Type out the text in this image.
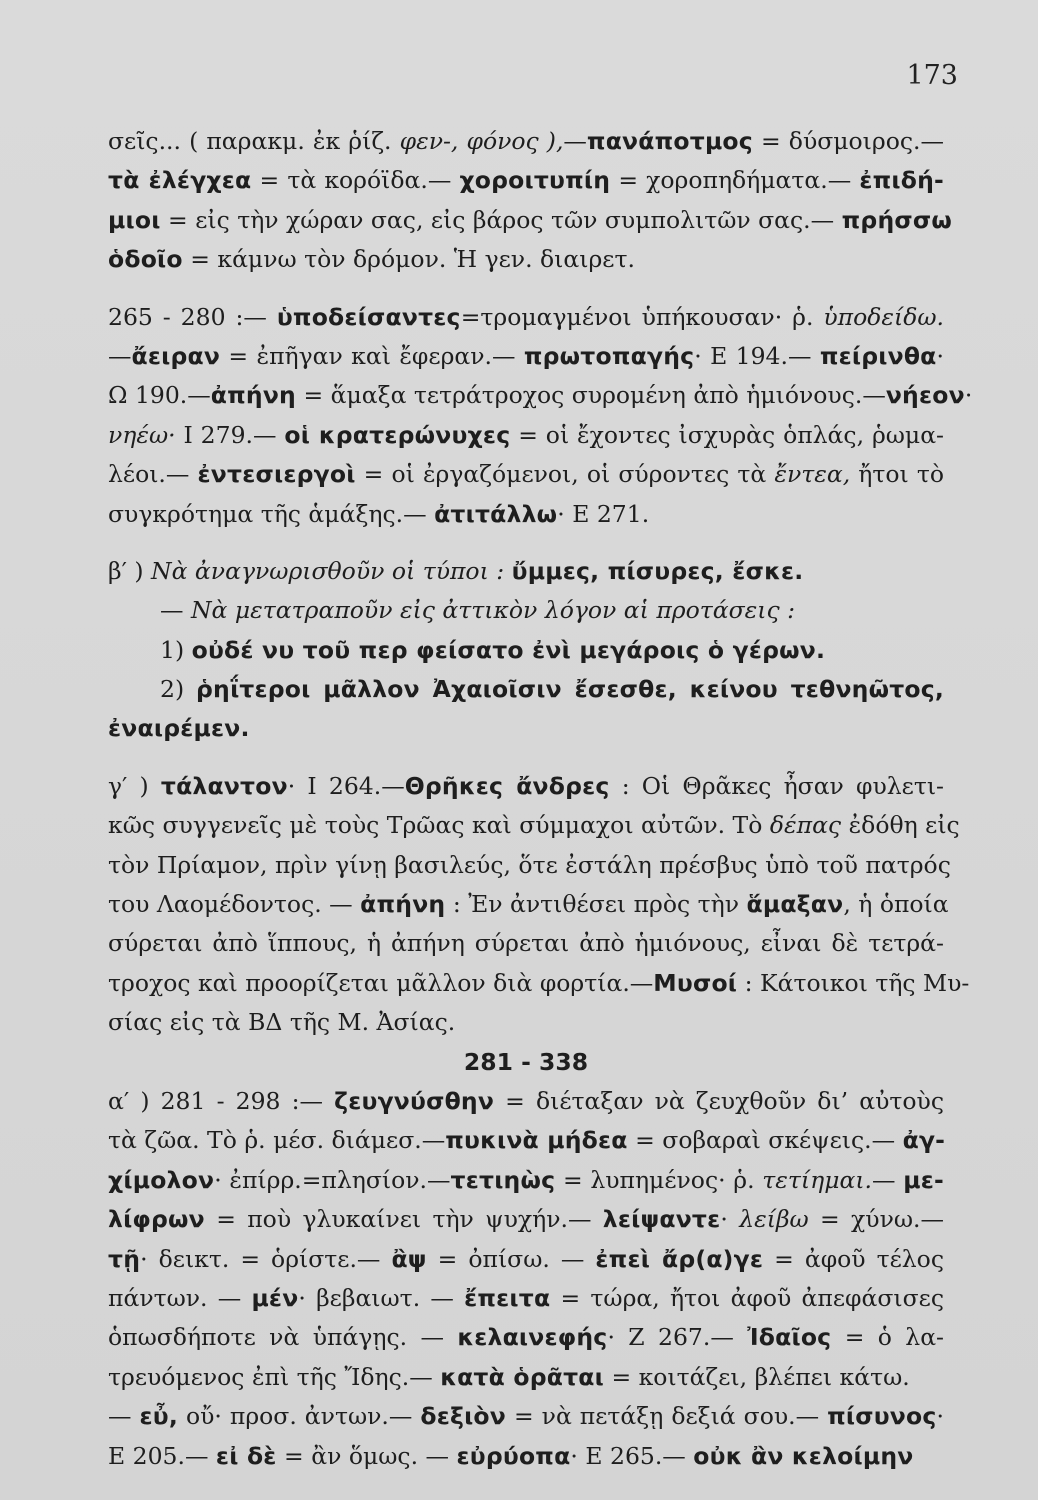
173
σεῖς... ( παρακμ. ἐκ ῥίζ. φεν-, φόνος ),—πανάποτμος = δύσμοιρος.—
τὰ ἐλέγχεα = τὰ κορόϊδα.— χοροιτυπίη = χοροπηδήματα.— ἐπιδή-
μιοι = εἰς τὴν χώραν σας, εἰς βάρος τῶν συμπολιτῶν σας.— πρήσσω
ὁδοῖο = κάμνω τὸν δρόμον. Ἡ γεν. διαιρετ.
265 - 280 :— ὑποδείσαντες=τρομαγμένοι ὑπήκουσαν· ῥ. ὑποδείδω.
—ἄειραν = ἐπῆγαν καὶ ἔφεραν.— πρωτοπαγής· Ε 194.— πείρινθα·
Ω 190.—ἀπήνη = ἅμαξα τετράτροχος συρομένη ἀπὸ ἡμιόνους.—νήεον·
νηέω· Ι 279.— οἱ κρατερώνυχες = οἱ ἔχοντες ἰσχυρὰς ὁπλάς, ῥωμα-
λέοι.— ἐντεσιεργοὶ = οἱ ἐργαζόμενοι, οἱ σύροντες τὰ ἔντεα, ἤτοι τὸ
συγκρότημα τῆς ἁμάξης.— ἀτιτάλλω· Ε 271.
β′ ) Νὰ ἀναγνωρισθοῦν οἱ τύποι : ὔμμες, πίσυρες, ἔσκε.
— Νὰ μετατραποῦν εἰς ἀττικὸν λόγον αἱ προτάσεις :
1) οὐδέ νυ τοῦ περ φείσατο ἐνὶ μεγάροις ὁ γέρων.
2) ῥηΐτεροι μᾶλλον Ἀχαιοῖσιν ἔσεσθε, κείνου τεθνηῶτος,
ἐναιρέμεν.
γ′ ) τάλαντον· Ι 264.—Θρῆκες ἄνδρες : Οἱ Θρᾶκες ἦσαν φυλετι-
κῶς συγγενεῖς μὲ τοὺς Τρῶας καὶ σύμμαχοι αὐτῶν. Τὸ δέπας ἐδόθη εἰς
τὸν Πρίαμον, πρὶν γίνῃ βασιλεύς, ὅτε ἐστάλη πρέσβυς ὑπὸ τοῦ πατρός
του Λαομέδοντος. — ἀπήνη : Ἐν ἀντιθέσει πρὸς τὴν ἅμαξαν, ἡ ὁποία
σύρεται ἀπὸ ἵππους, ἡ ἀπήνη σύρεται ἀπὸ ἡμιόνους, εἶναι δὲ τετρά-
τροχος καὶ προορίζεται μᾶλλον διὰ φορτία.—Μυσοί : Κάτοικοι τῆς Μυ-
σίας εἰς τὰ ΒΔ τῆς Μ. Ἀσίας.
281 - 338
α′ ) 281 - 298 :— ζευγνύσθην = διέταξαν νὰ ζευχθοῦν δι’ αὐτοὺς
τὰ ζῶα. Τὸ ῥ. μέσ. διάμεσ.—πυκινὰ μήδεα = σοβαραὶ σκέψεις.— ἀγ-
χίμολον· ἐπίρρ.=πλησίον.—τετιηὼς = λυπημένος· ῥ. τετίημαι.— με-
λίφρων = ποὺ γλυκαίνει τὴν ψυχήν.— λείψαντε· λείβω = χύνω.—
τῇ· δεικτ. = ὁρίστε.— ἂψ = ὀπίσω. — ἐπεὶ ἄρ(α)γε = ἀφοῦ τέλος
πάντων. — μέν· βεβαιωτ. — ἔπειτα = τώρα, ἤτοι ἀφοῦ ἀπεφάσισες
ὁπωσδήποτε νὰ ὑπάγῃς. — κελαινεφής· Ζ 267.— Ἰδαῖος = ὁ λα-
τρευόμενος ἐπὶ τῆς Ἴδης.— κατὰ ὁρᾶται = κοιτάζει, βλέπει κάτω.
— εὖ, οὔ· προσ. ἀντων.— δεξιὸν = νὰ πετάξῃ δεξιά σου.— πίσυνος·
Ε 205.— εἰ δὲ = ἂν ὅμως. — εὐρύοπα· Ε 265.— οὐκ ἂν κελοίμην
